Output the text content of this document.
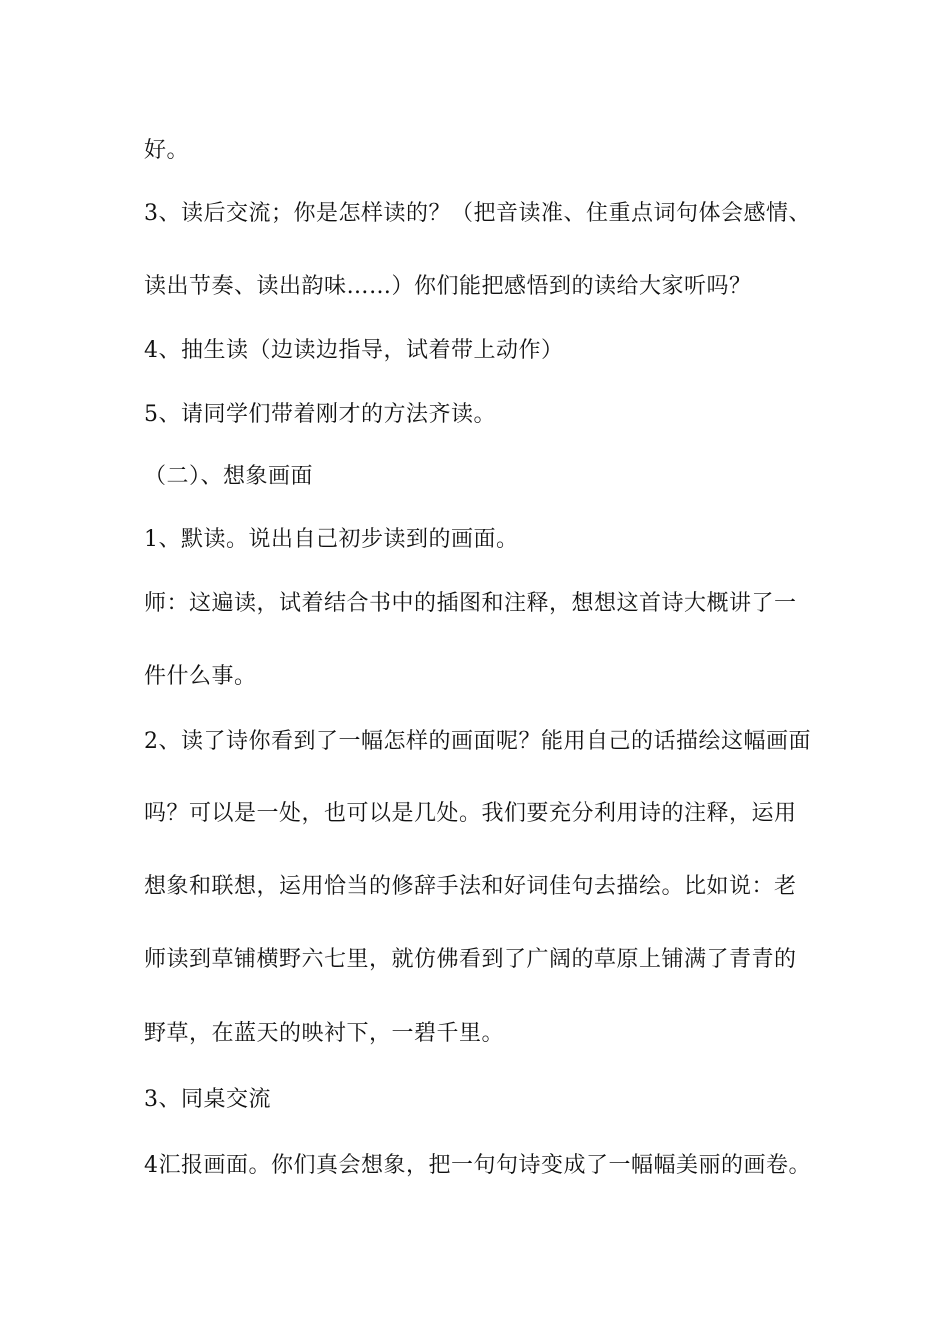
好。
3、读后交流；你是怎样读的？（把音读准、住重点词句体会感情、
读出节奏、读出韵味……）你们能把感悟到的读给大家听吗？
4、抽生读（边读边指导，试着带上动作）
5、请同学们带着刚才的方法齐读。
（二）、想象画面
1、默读。说出自己初步读到的画面。
师：这遍读，试着结合书中的插图和注释，想想这首诗大概讲了一
件什么事。
2、读了诗你看到了一幅怎样的画面呢？能用自己的话描绘这幅画面
吗？可以是一处，也可以是几处。我们要充分利用诗的注释，运用
想象和联想，运用恰当的修辞手法和好词佳句去描绘。比如说：老
师读到草铺横野六七里，就仿佛看到了广阔的草原上铺满了青青的
野草，在蓝天的映衬下，一碧千里。
3、同桌交流
4汇报画面。你们真会想象，把一句句诗变成了一幅幅美丽的画卷。
